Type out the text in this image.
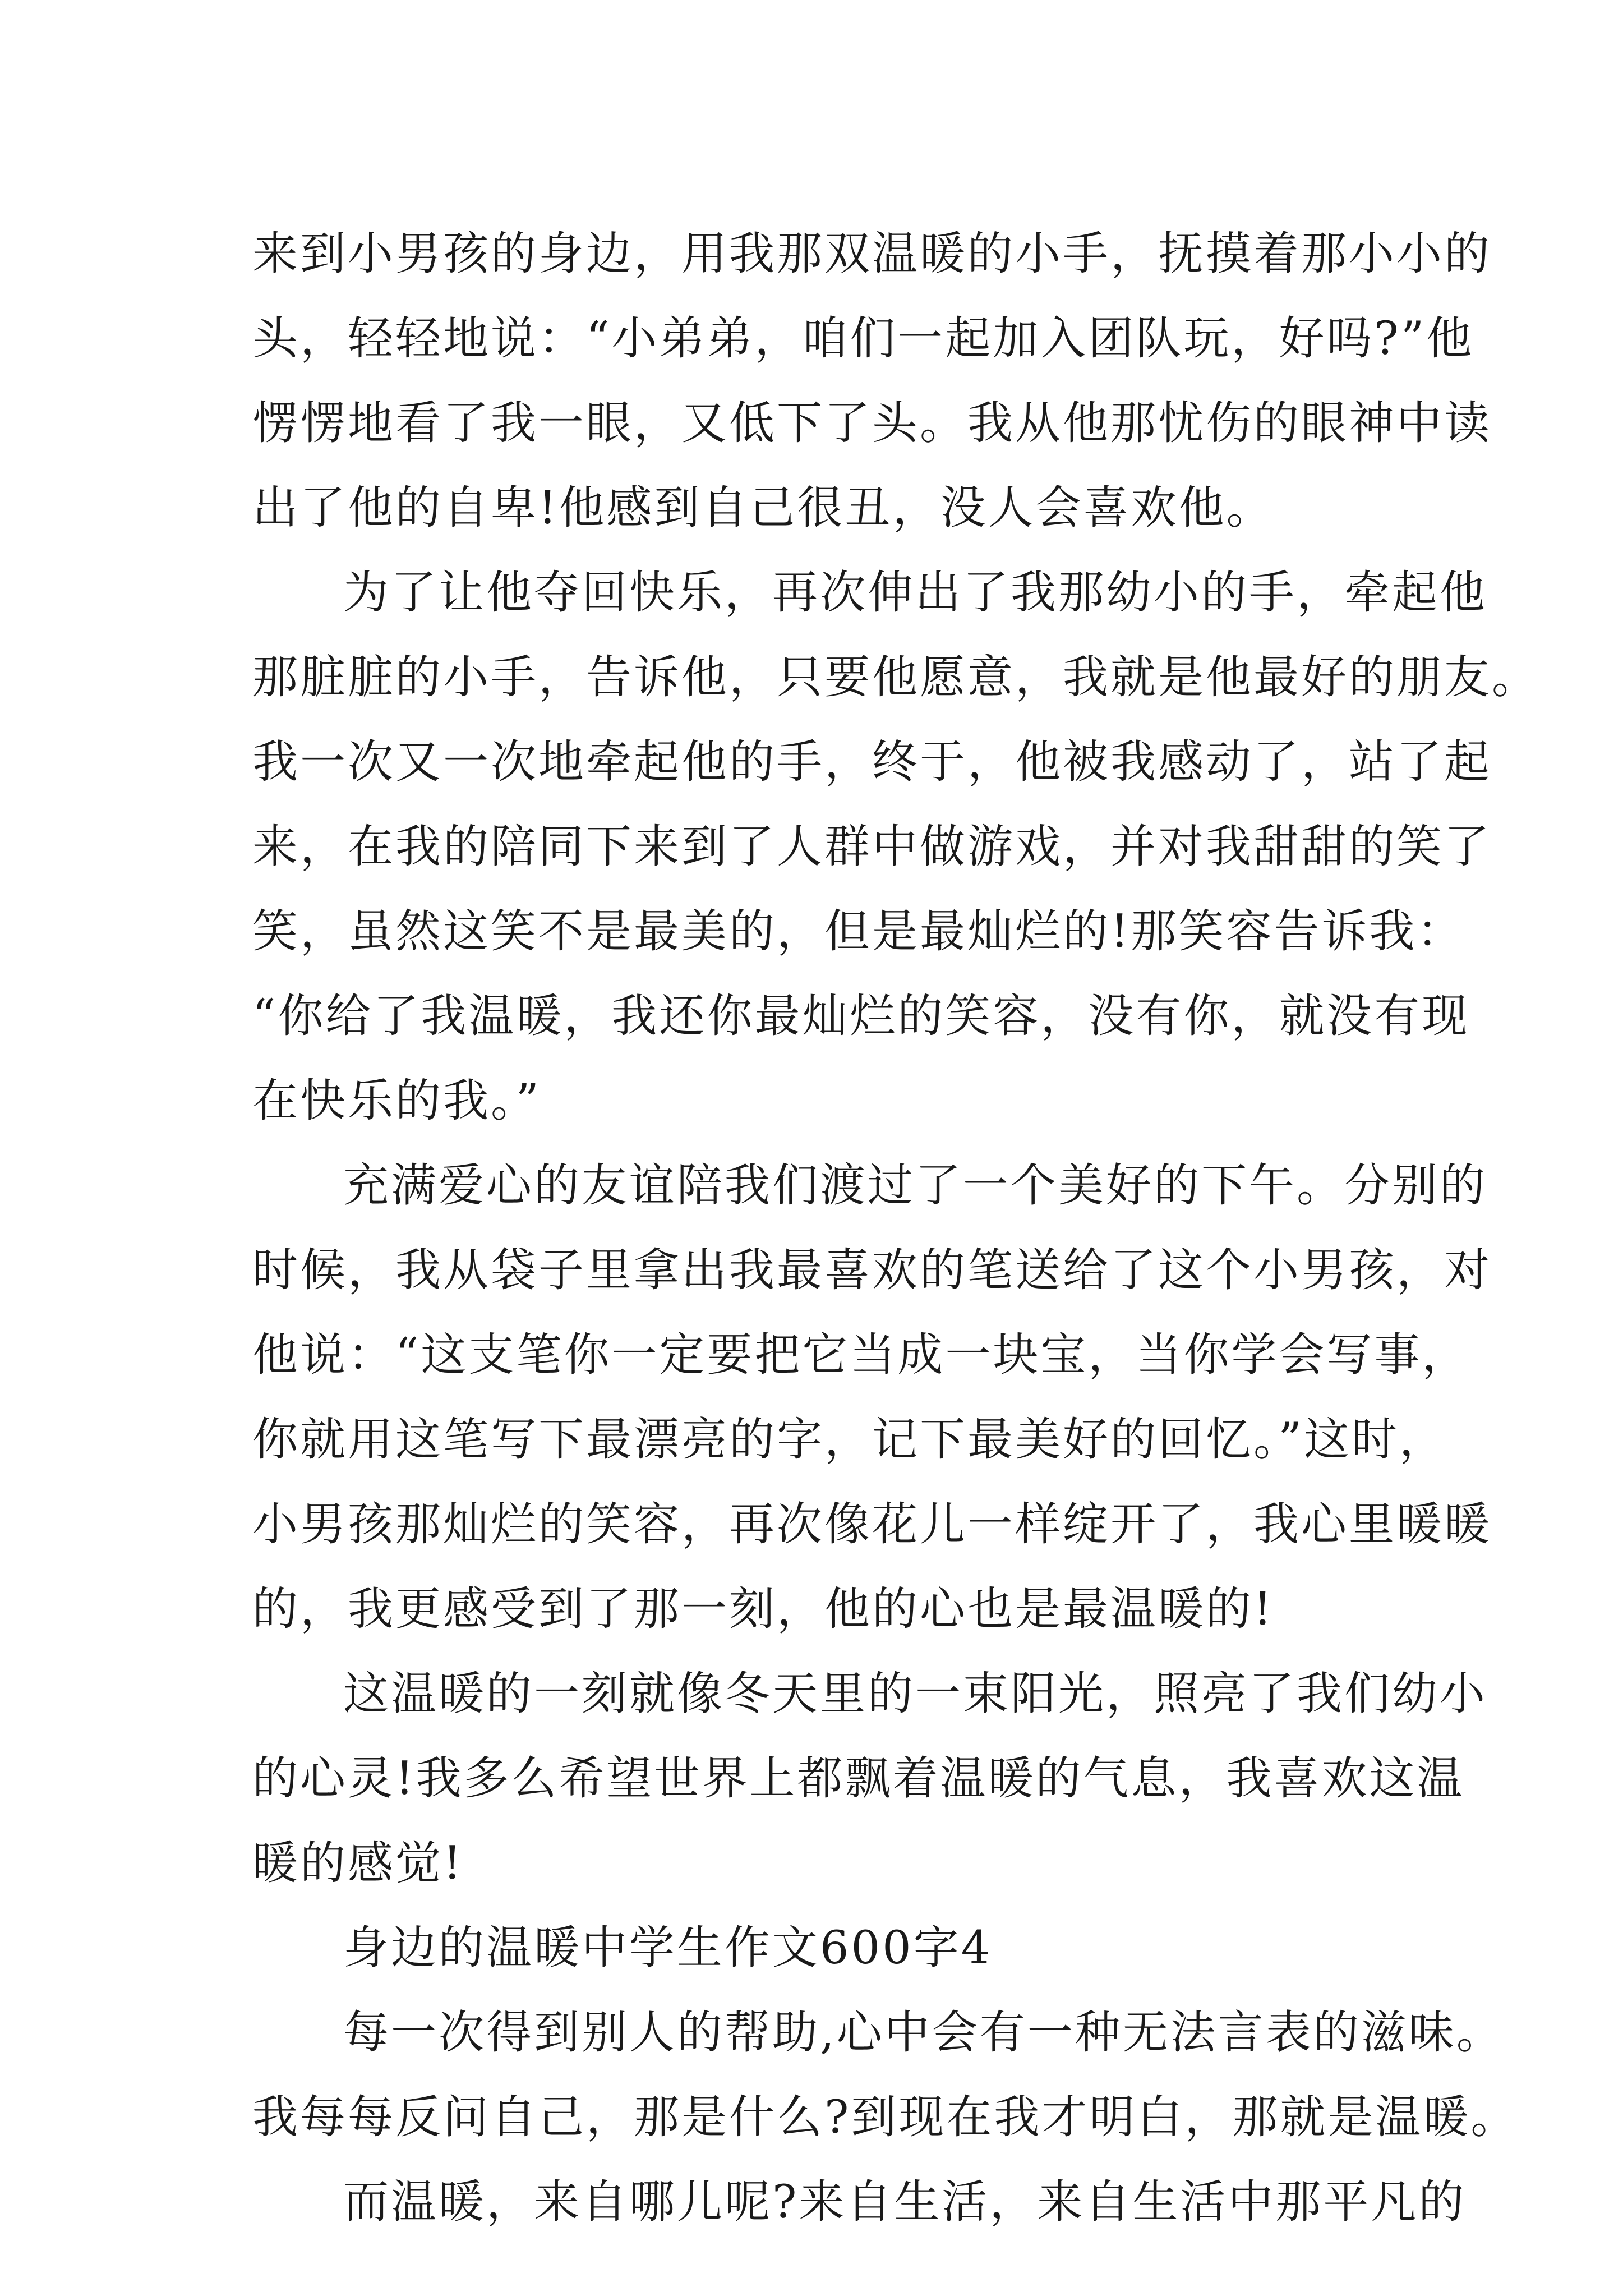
来到小男孩的身边，用我那双温暖的小手，抚摸着那小小的
头，轻轻地说：“小弟弟，咱们一起加入团队玩，好吗?”他
愣愣地看了我一眼，又低下了头。我从他那忧伤的眼神中读
出了他的自卑!他感到自己很丑，没人会喜欢他。
为了让他夺回快乐，再次伸出了我那幼小的手，牵起他
那脏脏的小手，告诉他，只要他愿意，我就是他最好的朋友。
我一次又一次地牵起他的手，终于，他被我感动了，站了起
来，在我的陪同下来到了人群中做游戏，并对我甜甜的笑了
笑，虽然这笑不是最美的，但是最灿烂的!那笑容告诉我：
“你给了我温暖，我还你最灿烂的笑容，没有你，就没有现
在快乐的我。”
充满爱心的友谊陪我们渡过了一个美好的下午。分别的
时候，我从袋子里拿出我最喜欢的笔送给了这个小男孩，对
他说：“这支笔你一定要把它当成一块宝，当你学会写事，
你就用这笔写下最漂亮的字，记下最美好的回忆。”这时，
小男孩那灿烂的笑容，再次像花儿一样绽开了，我心里暖暖
的，我更感受到了那一刻，他的心也是最温暖的!
这温暖的一刻就像冬天里的一束阳光，照亮了我们幼小
的心灵!我多么希望世界上都飘着温暖的气息，我喜欢这温
暖的感觉!
身边的温暖中学生作文600字4
每一次得到别人的帮助,心中会有一种无法言表的滋味。
我每每反问自己，那是什么?到现在我才明白，那就是温暖。
而温暖，来自哪儿呢?来自生活，来自生活中那平凡的
